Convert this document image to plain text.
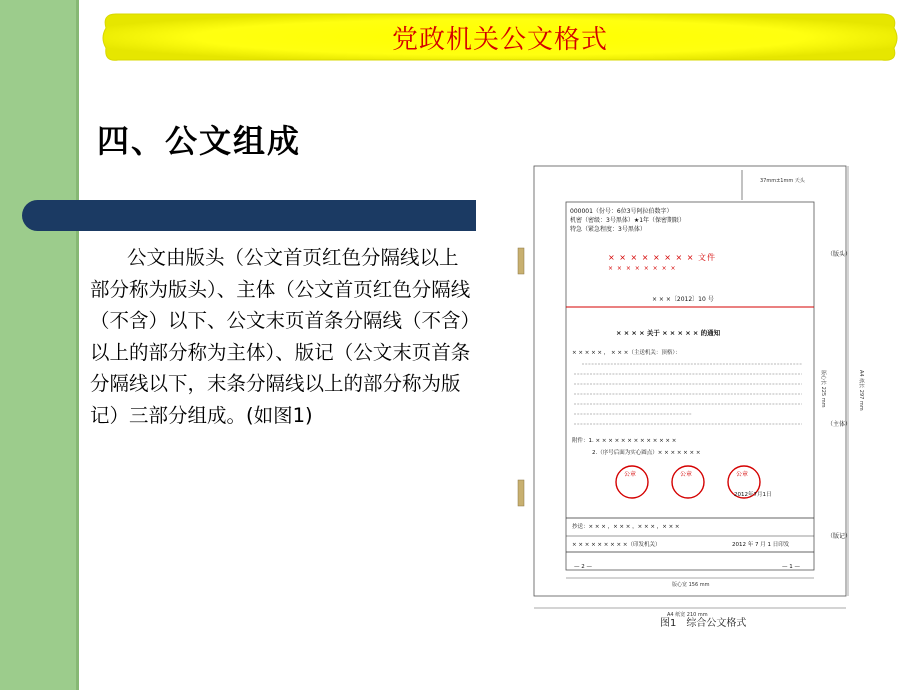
党政机关公文格式
四、公文组成
公文由版头（公文首页红色分隔线以上部分称为版头）、主体（公文首页红色分隔线（不含）以下、公文末页首条分隔线（不含）以上的部分称为主体）、版记（公文末页首条分隔线以下，末条分隔线以上的部分称为版记）三部分组成。(如图1)
37mm±1mm 天头
A4 纸长 297 mm
版心长 225 mm
A4 纸宽 210 mm
版心宽 156 mm
000001（份号：6位3号阿拉伯数字）
机密（密级：3号黑体）★1年（保密期限）
特急（紧急程度：3号黑体）
× × × × × × × × 文件
× × × × × × × ×
× × ×〔2012〕10 号
（版头）
× × × × 关于 × × × × × 的通知
× × × × × ， × × ×（主送机关：顶格）：
（主体）
附件：1. × × × × × × × × × × × × ×
2.（序号后面为实心圆点）× × × × × × ×
公章	公章	公章
2012年7月1日
抄送：× × × ，× × × ，× × × ，× × ×
× × × × × × × × ×（印发机关）	2012 年 7 月 1 日印发
（版记）
— 2 —	— 1 —
图1　综合公文格式
